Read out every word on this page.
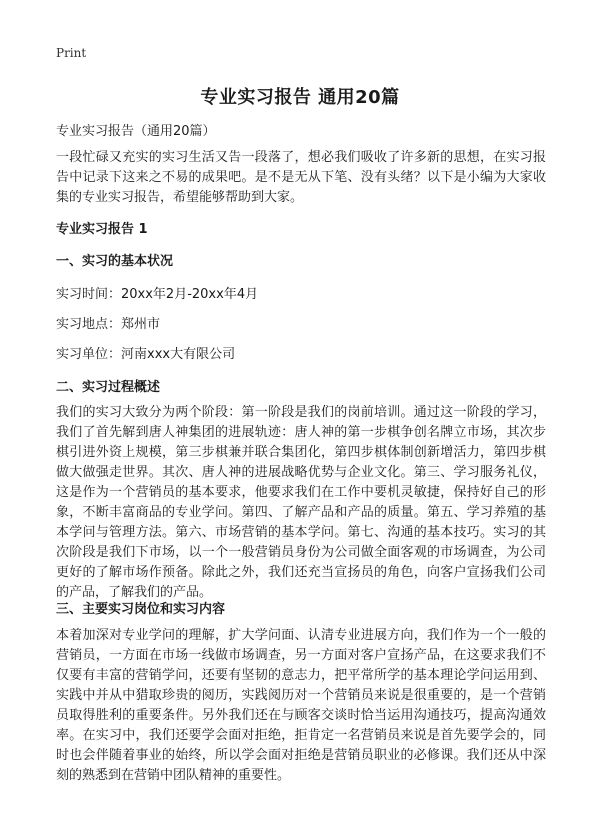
Print
专业实习报告 通用20篇
专业实习报告（通用20篇）
一段忙碌又充实的实习生活又告一段落了，想必我们吸收了许多新的思想，在实习报告中记录下这来之不易的成果吧。是不是无从下笔、没有头绪？以下是小编为大家收集的专业实习报告，希望能够帮助到大家。
专业实习报告 1
一、实习的基本状况
实习时间：20xx年2月-20xx年4月
实习地点：郑州市
实习单位：河南xxx大有限公司
二、实习过程概述
我们的实习大致分为两个阶段：第一阶段是我们的岗前培训。通过这一阶段的学习，我们了首先解到唐人神集团的进展轨迹：唐人神的第一步棋争创名牌立市场，其次步棋引进外资上规模，第三步棋兼并联合集团化，第四步棋体制创新增活力，第四步棋做大做强走世界。其次、唐人神的进展战略优势与企业文化。第三、学习服务礼仪，这是作为一个营销员的基本要求，他要求我们在工作中要机灵敏捷，保持好自己的形象，不断丰富商品的专业学问。第四、了解产品和产品的质量。第五、学习养殖的基本学问与管理方法。第六、市场营销的基本学问。第七、沟通的基本技巧。实习的其次阶段是我们下市场，以一个一般营销员身份为公司做全面客观的市场调查，为公司更好的了解市场作预备。除此之外，我们还充当宣扬员的角色，向客户宣扬我们公司的产品，了解我们的产品。
三、主要实习岗位和实习内容
本着加深对专业学问的理解，扩大学问面、认清专业进展方向，我们作为一个一般的营销员，一方面在市场一线做市场调查，另一方面对客户宣扬产品，在这要求我们不仅要有丰富的营销学问，还要有坚韧的意志力，把平常所学的基本理论学问运用到、实践中并从中猎取珍贵的阅历，实践阅历对一个营销员来说是很重要的，是一个营销员取得胜利的重要条件。另外我们还在与顾客交谈时恰当运用沟通技巧，提高沟通效率。在实习中，我们还要学会面对拒绝，拒肯定一名营销员来说是首先要学会的，同时也会伴随着事业的始终，所以学会面对拒绝是营销员职业的必修课。我们还从中深刻的熟悉到在营销中团队精神的重要性。
